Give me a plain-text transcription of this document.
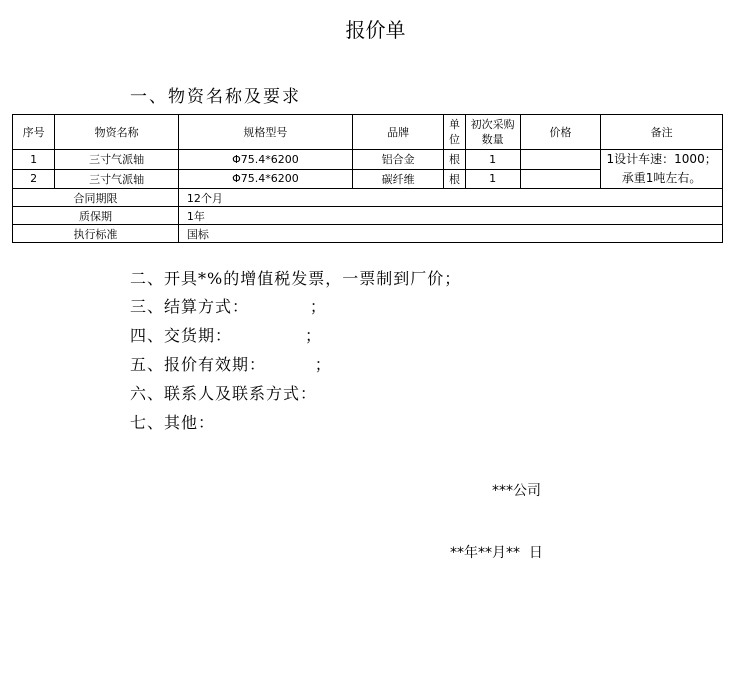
报价单
一、物资名称及要求
序号	物资名称	规格型号	品牌	单位	初次采购数量	价格	备注
1	三寸气派轴	Φ75.4*6200	铝合金	根	1		1设计车速：1000；承重1吨左右。
2	三寸气派轴	Φ75.4*6200	碳纤维	根	1		
合同期限		12个月					
质保期		1年					
执行标准		国标					
二、开具*%的增值税发票，一票制到厂价；
三、结算方式：          ；
四、交货期：            ；
五、报价有效期：        ；
六、联系人及联系方式：
七、其他：
***公司
**年**月**  日
